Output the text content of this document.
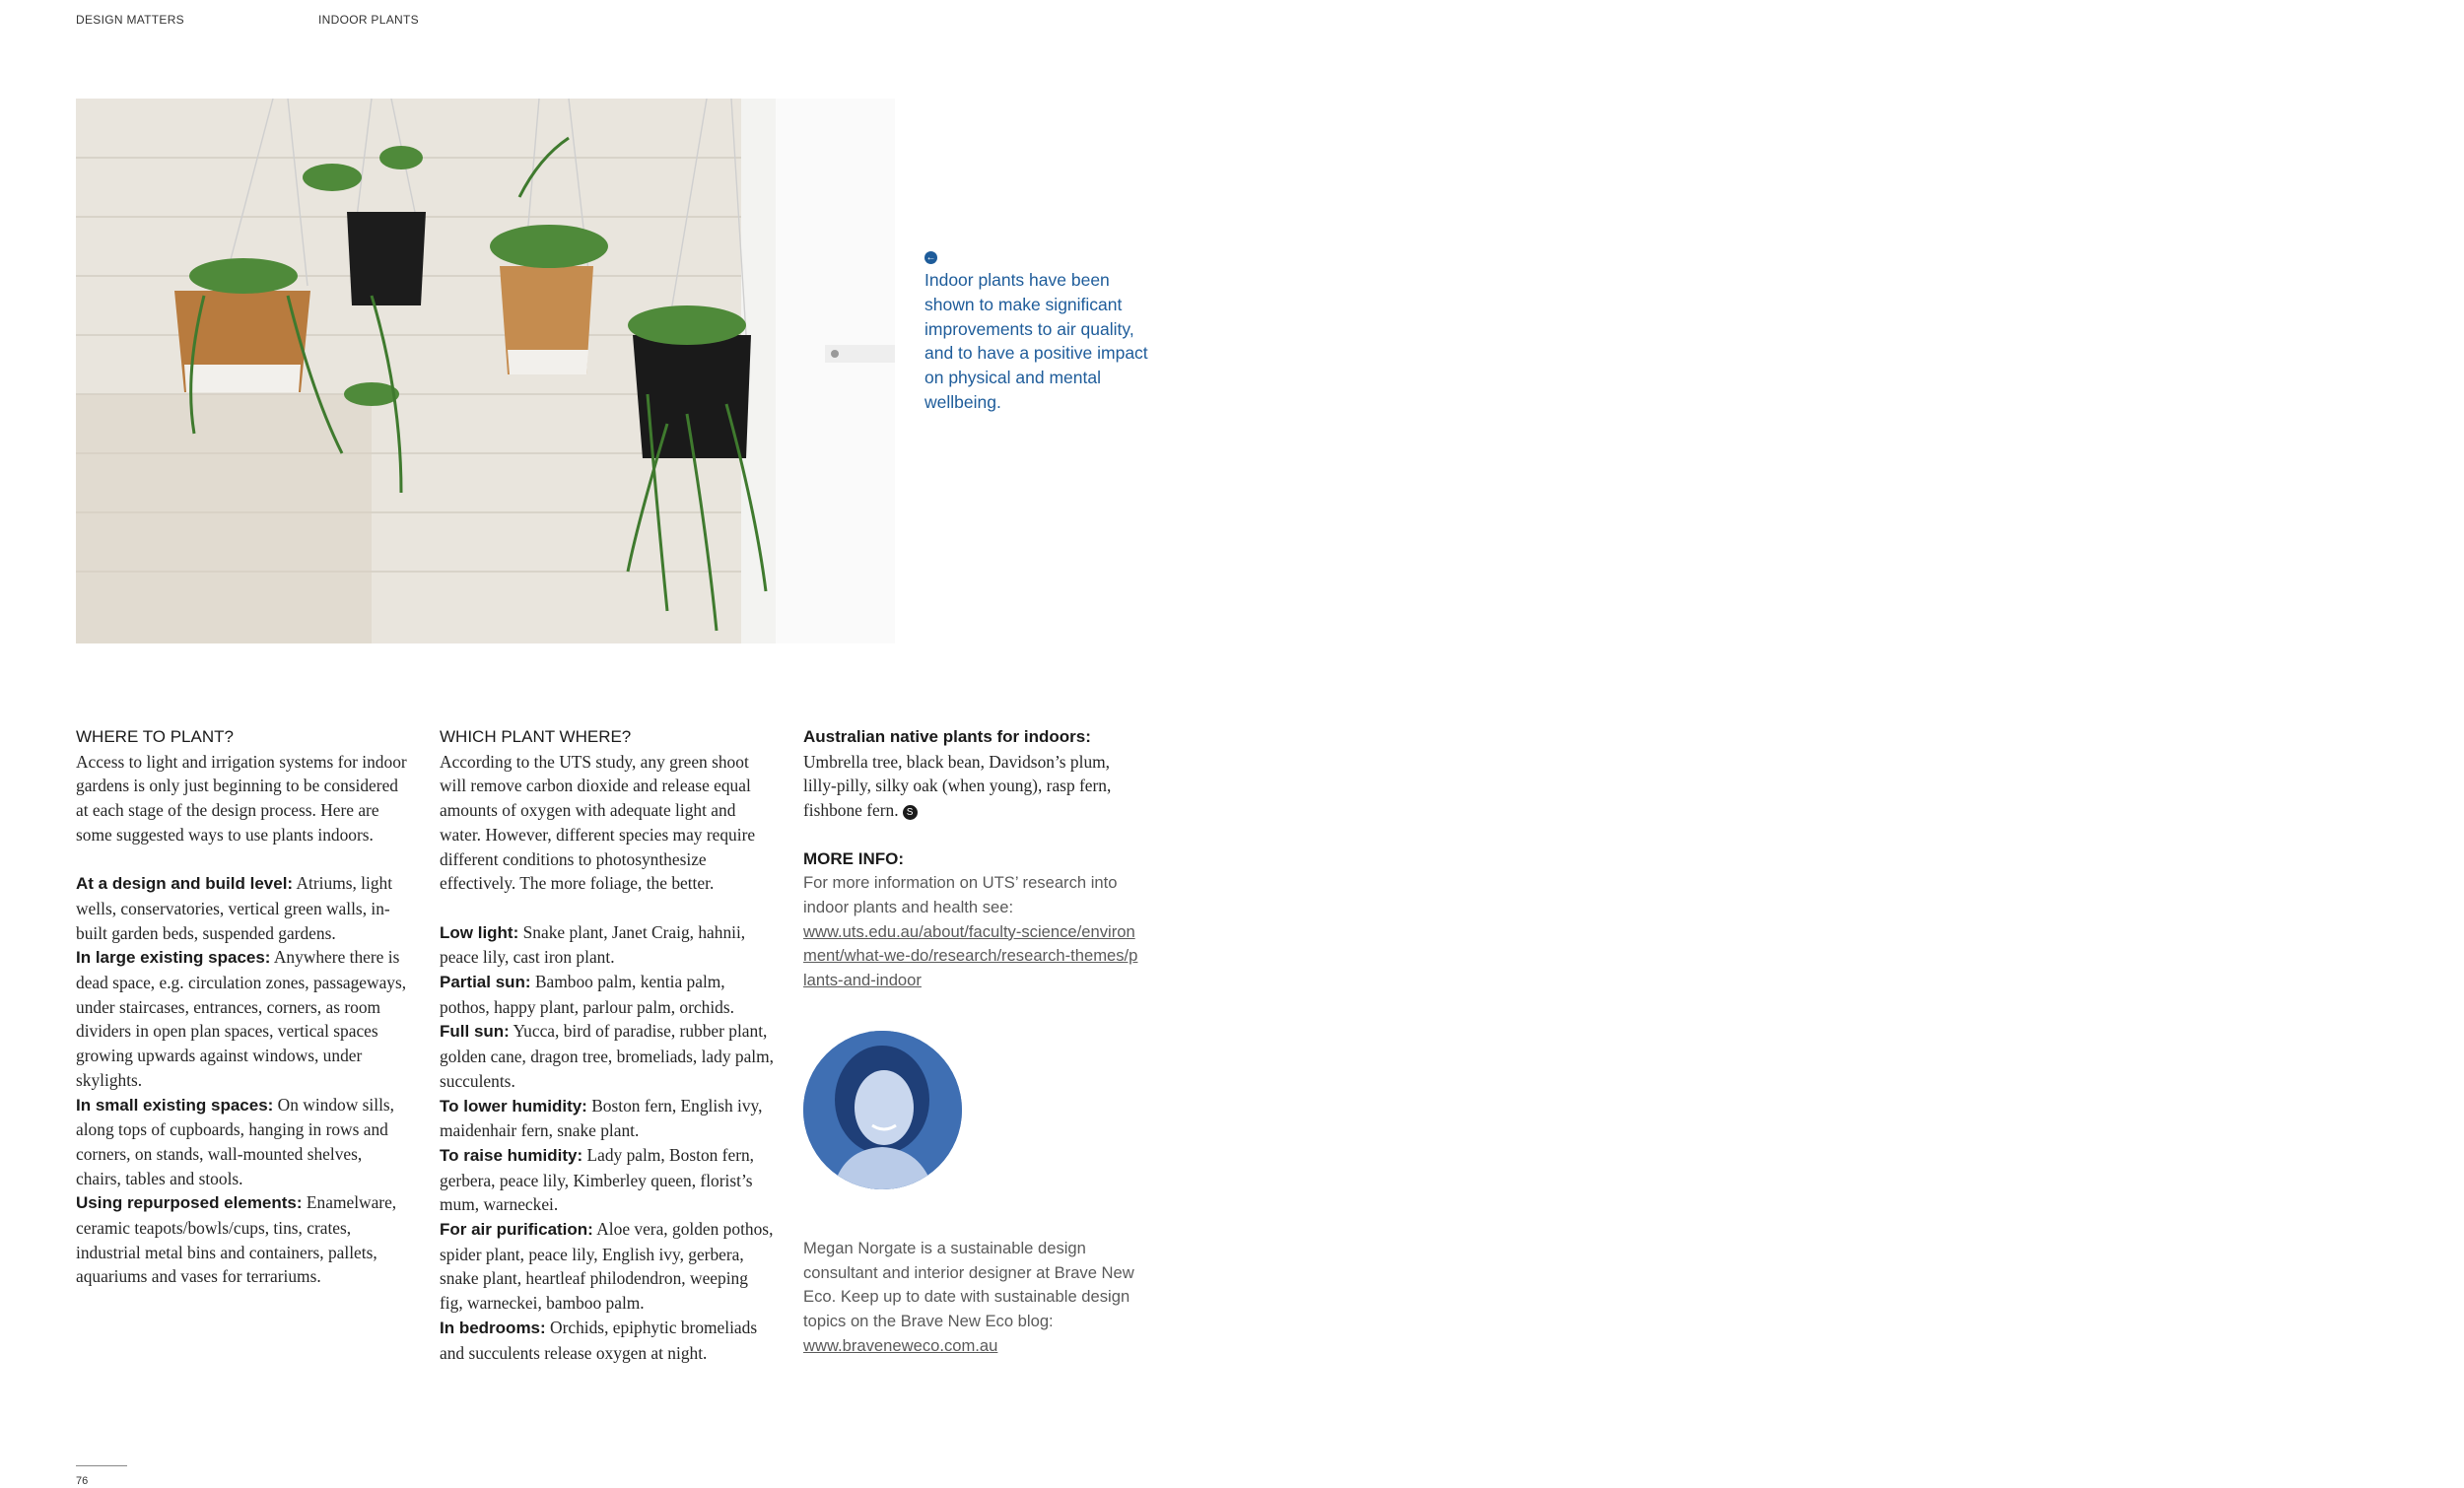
DESIGN MATTERS	INDOOR PLANTS
←
Indoor plants have been shown to make significant improvements to air quality, and to have a positive impact on physical and mental wellbeing.
WHERE TO PLANT?
Access to light and irrigation systems for indoor gardens is only just beginning to be considered at each stage of the design process. Here are some suggested ways to use plants indoors.
At a design and build level: Atriums, light wells, conservatories, vertical green walls, in-built garden beds, suspended gardens.
In large existing spaces: Anywhere there is dead space, e.g. circulation zones, passageways, under staircases, entrances, corners, as room dividers in open plan spaces, vertical spaces growing upwards against windows, under skylights.
In small existing spaces: On window sills, along tops of cupboards, hanging in rows and corners, on stands, wall-mounted shelves, chairs, tables and stools.
Using repurposed elements: Enamelware, ceramic teapots/bowls/cups, tins, crates, industrial metal bins and containers, pallets, aquariums and vases for terrariums.
WHICH PLANT WHERE?
According to the UTS study, any green shoot will remove carbon dioxide and release equal amounts of oxygen with adequate light and water. However, different species may require different conditions to photosynthesize effectively. The more foliage, the better.
Low light: Snake plant, Janet Craig, hahnii, peace lily, cast iron plant.
Partial sun: Bamboo palm, kentia palm, pothos, happy plant, parlour palm, orchids.
Full sun: Yucca, bird of paradise, rubber plant, golden cane, dragon tree, bromeliads, lady palm, succulents.
To lower humidity: Boston fern, English ivy, maidenhair fern, snake plant.
To raise humidity: Lady palm, Boston fern, gerbera, peace lily, Kimberley queen, florist’s mum, warneckei.
For air purification: Aloe vera, golden pothos, spider plant, peace lily, English ivy, gerbera, snake plant, heartleaf philodendron, weeping fig, warneckei, bamboo palm.
In bedrooms: Orchids, epiphytic bromeliads and succulents release oxygen at night.
Australian native plants for indoors:
Umbrella tree, black bean, Davidson’s plum, lilly-pilly, silky oak (when young), rasp fern, fishbone fern. S
MORE INFO:
For more information on UTS’ research into indoor plants and health see:
www.uts.edu.au/about/faculty-science/environment/what-we-do/research/research-themes/plants-and-indoor
Megan Norgate is a sustainable design consultant and interior designer at Brave New Eco. Keep up to date with sustainable design topics on the Brave New Eco blog:
www.braveneweco.com.au
76
